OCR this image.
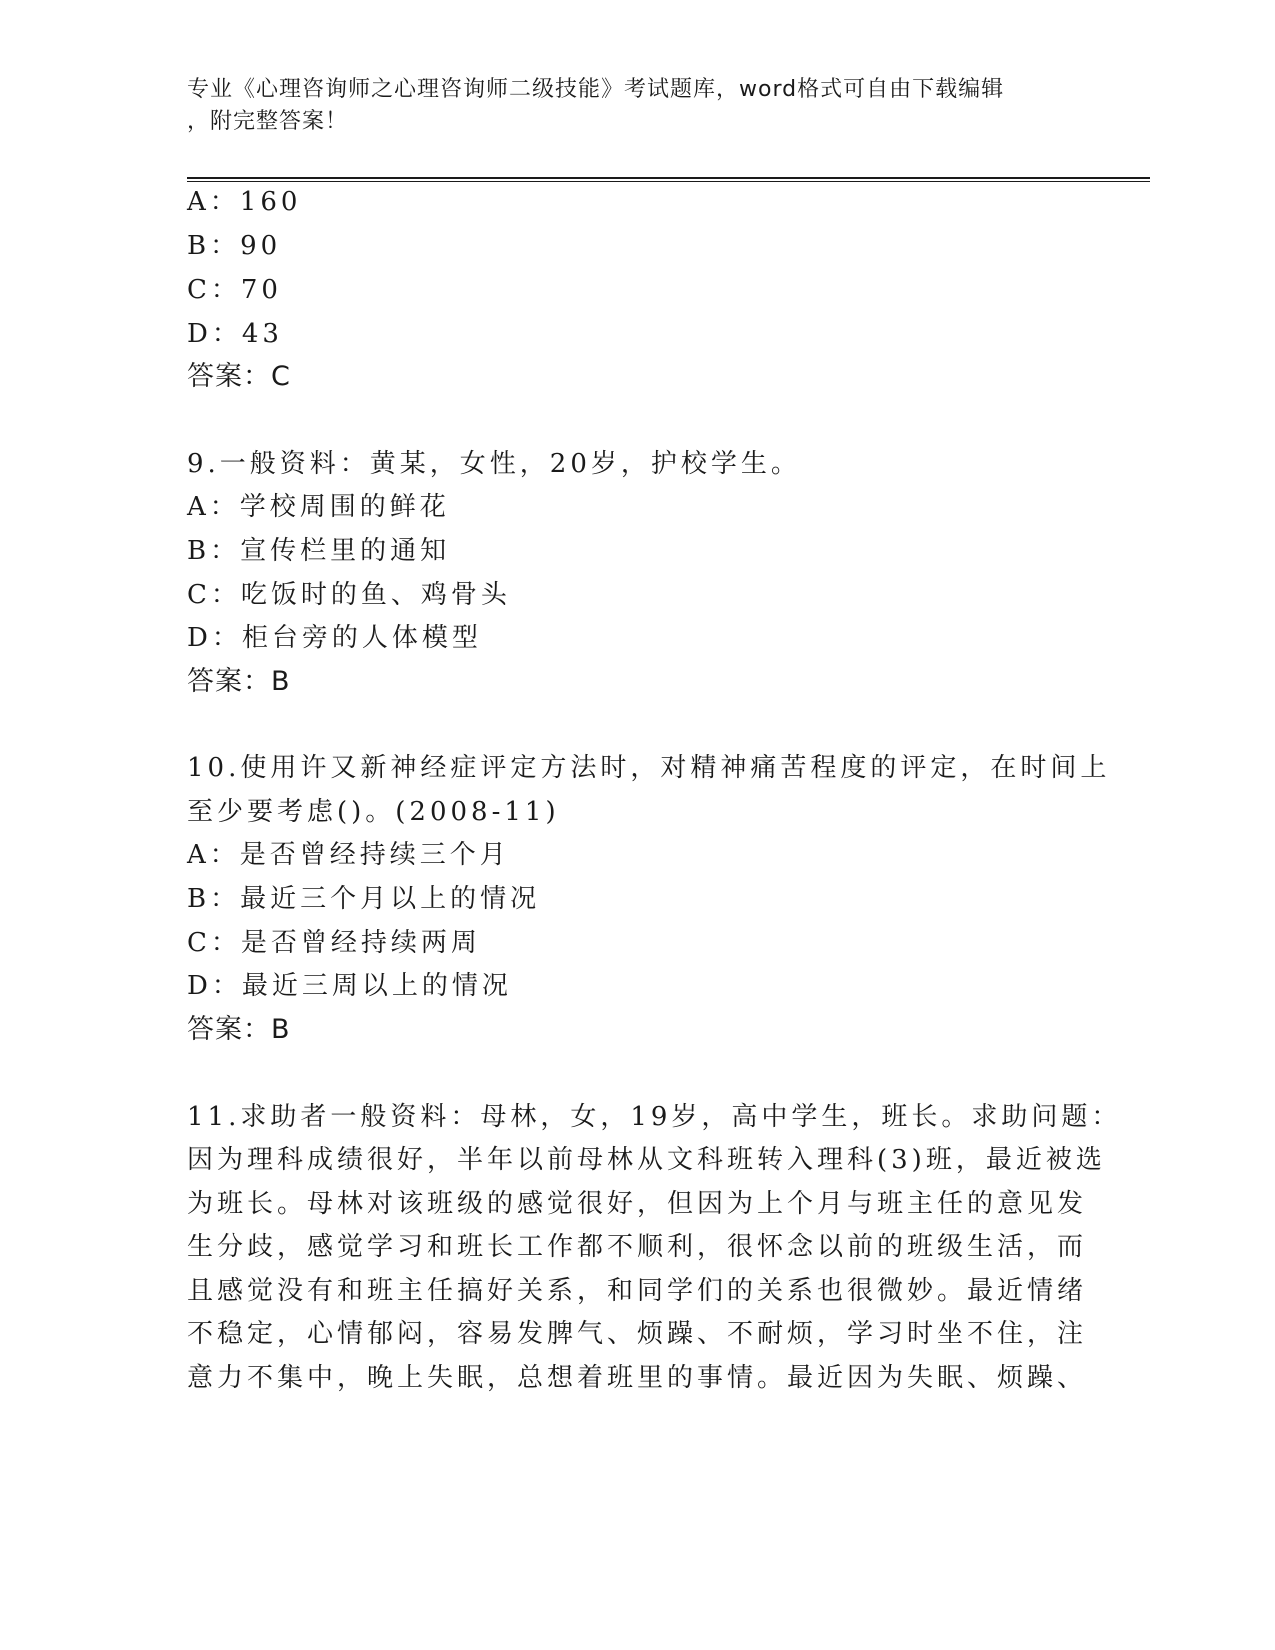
专业《心理咨询师之心理咨询师二级技能》考试题库，word格式可自由下载编辑
，附完整答案！
A：160
B：90
C：70
D：43
答案：C
9.一般资料：黄某，女性，20岁，护校学生。
A：学校周围的鲜花
B：宣传栏里的通知
C：吃饭时的鱼、鸡骨头
D：柜台旁的人体模型
答案：B
10.使用许又新神经症评定方法时，对精神痛苦程度的评定，在时间上
至少要考虑()。(2008-11)
A：是否曾经持续三个月
B：最近三个月以上的情况
C：是否曾经持续两周
D：最近三周以上的情况
答案：B
11.求助者一般资料：母林，女，19岁，高中学生，班长。求助问题：
因为理科成绩很好，半年以前母林从文科班转入理科(3)班，最近被选
为班长。母林对该班级的感觉很好，但因为上个月与班主任的意见发
生分歧，感觉学习和班长工作都不顺利，很怀念以前的班级生活，而
且感觉没有和班主任搞好关系，和同学们的关系也很微妙。最近情绪
不稳定，心情郁闷，容易发脾气、烦躁、不耐烦，学习时坐不住，注
意力不集中，晚上失眠，总想着班里的事情。最近因为失眠、烦躁、
